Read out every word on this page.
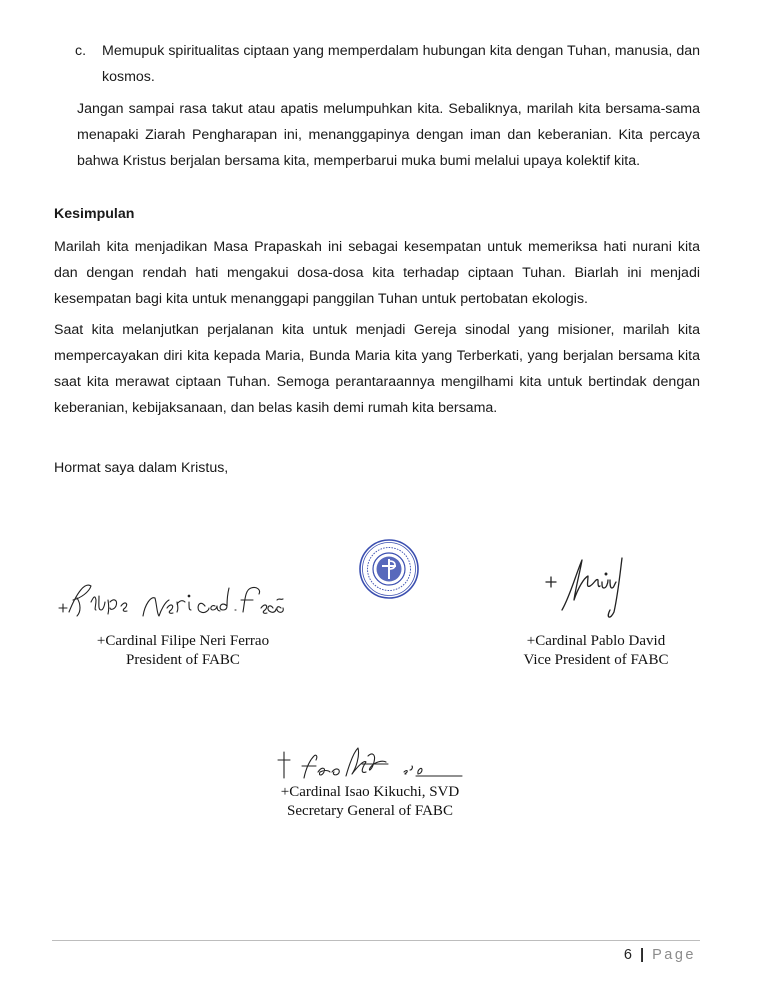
c. Memupuk spiritualitas ciptaan yang memperdalam hubungan kita dengan Tuhan, manusia, dan kosmos.
Jangan sampai rasa takut atau apatis melumpuhkan kita. Sebaliknya, marilah kita bersama-sama menapaki Ziarah Pengharapan ini, menanggapinya dengan iman dan keberanian. Kita percaya bahwa Kristus berjalan bersama kita, memperbarui muka bumi melalui upaya kolektif kita.
Kesimpulan
Marilah kita menjadikan Masa Prapaskah ini sebagai kesempatan untuk memeriksa hati nurani kita dan dengan rendah hati mengakui dosa-dosa kita terhadap ciptaan Tuhan. Biarlah ini menjadi kesempatan bagi kita untuk menanggapi panggilan Tuhan untuk pertobatan ekologis.
Saat kita melanjutkan perjalanan kita untuk menjadi Gereja sinodal yang misioner, marilah kita mempercayakan diri kita kepada Maria, Bunda Maria kita yang Terberkati, yang berjalan bersama kita saat kita merawat ciptaan Tuhan. Semoga perantaraannya mengilhami kita untuk bertindak dengan keberanian, kebijaksanaan, dan belas kasih demi rumah kita bersama.
Hormat saya dalam Kristus,
+Cardinal Filipe Neri Ferrao
President of FABC
+Cardinal Pablo David
Vice President of FABC
+Cardinal Isao Kikuchi, SVD
Secretary General of FABC
6 | Page
